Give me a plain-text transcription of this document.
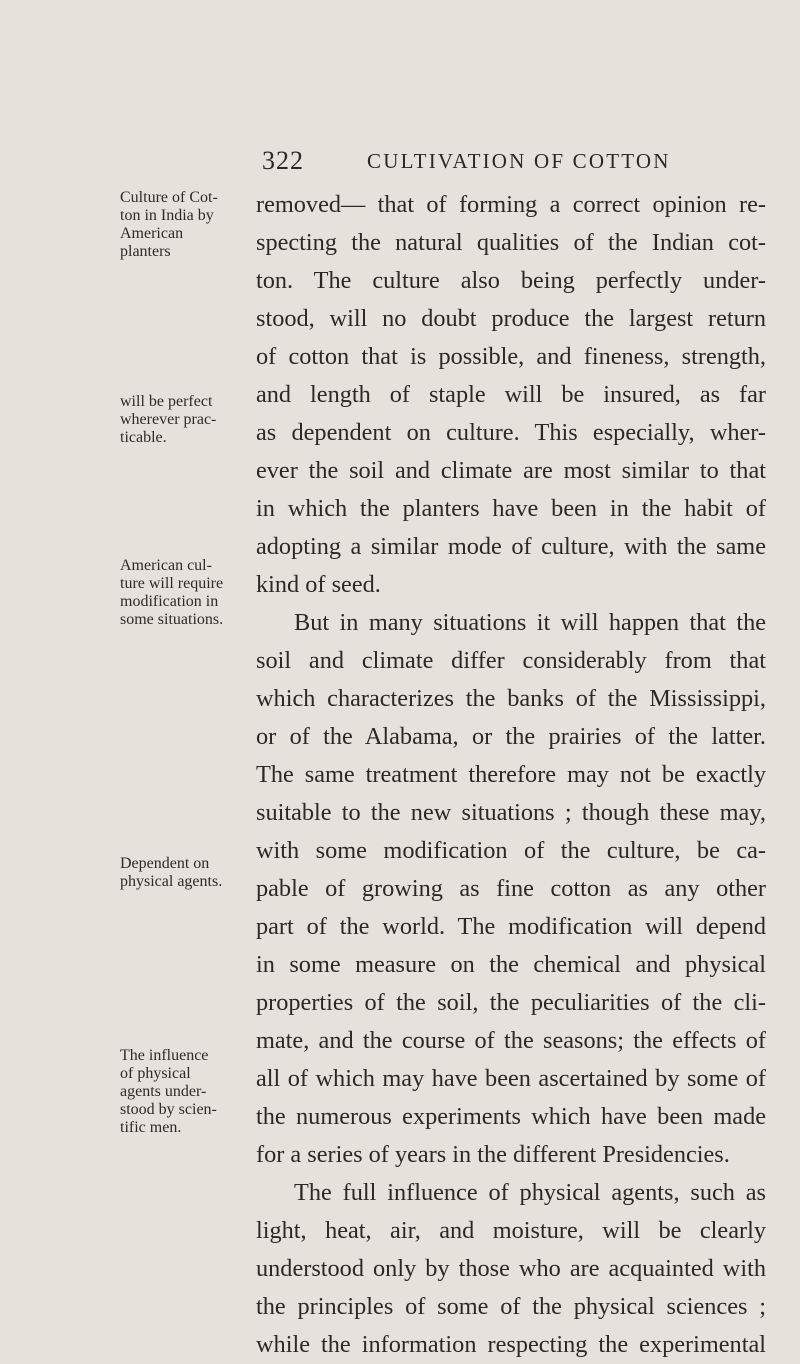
322	CULTIVATION OF COTTON
Culture of Cot-
ton in India by
American
planters
will be perfect
wherever prac-
ticable.
American cul-
ture will require
modification in
some situations.
Dependent on
physical agents.
The influence
of physical
agents under-
stood by scien-
tific men.
removed— that of forming a correct opinion re-
specting the natural qualities of the Indian cot-
ton. The culture also being perfectly under-
stood, will no doubt produce the largest return
of cotton that is possible, and fineness, strength,
and length of staple will be insured, as far
as dependent on culture. This especially, wher-
ever the soil and climate are most similar to that
in which the planters have been in the habit of
adopting a similar mode of culture, with the same
kind of seed.
But in many situations it will happen that the
soil and climate differ considerably from that
which characterizes the banks of the Mississippi,
or of the Alabama, or the prairies of the latter.
The same treatment therefore may not be exactly
suitable to the new situations ; though these may,
with some modification of the culture, be ca-
pable of growing as fine cotton as any other
part of the world. The modification will depend
in some measure on the chemical and physical
properties of the soil, the peculiarities of the cli-
mate, and the course of the seasons; the effects of
all of which may have been ascertained by some of
the numerous experiments which have been made
for a series of years in the different Presidencies.
The full influence of physical agents, such as
light, heat, air, and moisture, will be clearly
understood only by those who are acquainted with
the principles of some of the physical sciences ;
while the information respecting the experimental
